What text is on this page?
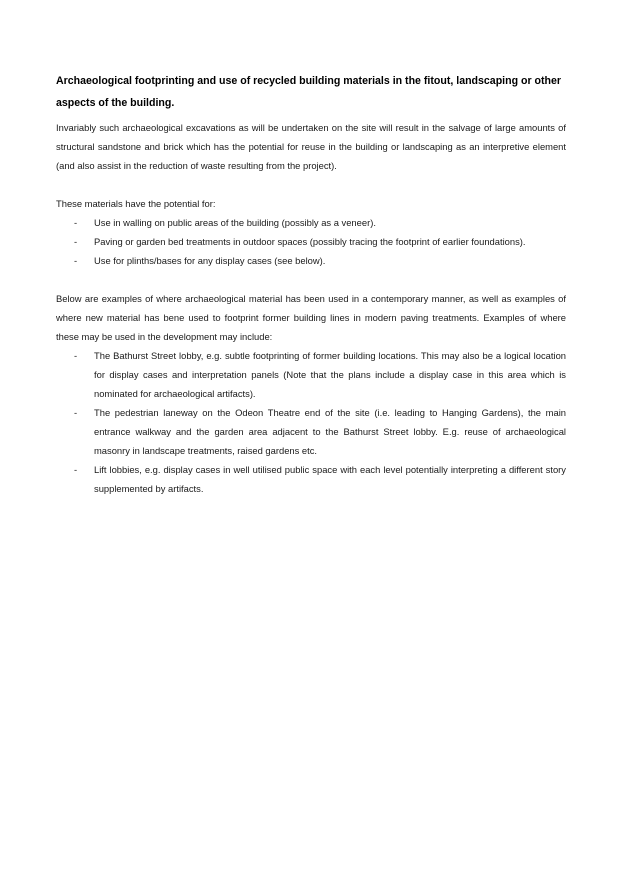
Archaeological footprinting and use of recycled building materials in the fitout, landscaping or other aspects of the building.

Invariably such archaeological excavations as will be undertaken on the site will result in the salvage of large amounts of structural sandstone and brick which has the potential for reuse in the building or landscaping as an interpretive element (and also assist in the reduction of waste resulting from the project).

These materials have the potential for:

- Use in walling on public areas of the building (possibly as a veneer).
- Paving or garden bed treatments in outdoor spaces (possibly tracing the footprint of earlier foundations).
- Use for plinths/bases for any display cases (see below).

Below are examples of where archaeological material has been used in a contemporary manner, as well as examples of where new material has bene used to footprint former building lines in modern paving treatments. Examples of where these may be used in the development may include:

- The Bathurst Street lobby, e.g. subtle footprinting of former building locations. This may also be a logical location for display cases and interpretation panels (Note that the plans include a display case in this area which is nominated for archaeological artifacts).
- The pedestrian laneway on the Odeon Theatre end of the site (i.e. leading to Hanging Gardens), the main entrance walkway and the garden area adjacent to the Bathurst Street lobby. E.g. reuse of archaeological masonry in landscape treatments, raised gardens etc.
- Lift lobbies, e.g. display cases in well utilised public space with each level potentially interpreting a different story supplemented by artifacts.
